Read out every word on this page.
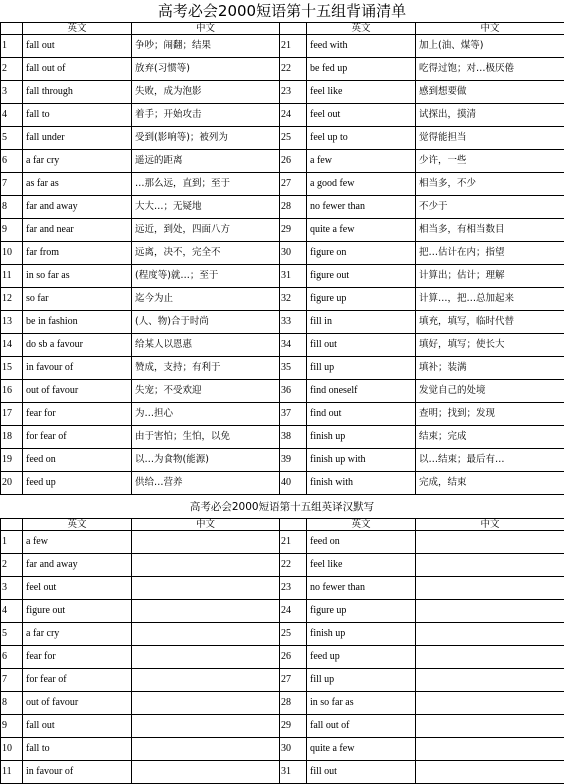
高考必会2000短语第十五组背诵清单
	英文	中文		英文	中文
1	fall out	争吵；闹翻；结果	21	feed with	加上(油、煤等)
2	fall out of	放弃(习惯等)	22	be fed up	吃得过饱；对…极厌倦
3	fall through	失败，成为泡影	23	feel like	感到想要做
4	fall to	着手；开始攻击	24	feel out	试探出，摸清
5	fall under	受到(影响等)；被列为	25	feel up to	觉得能担当
6	a far cry	遥远的距离	26	a few	少许，一些
7	as far as	…那么远，直到；至于	27	a good few	相当多，不少
8	far and away	大大…；无疑地	28	no fewer than	不少于
9	far and near	远近，到处，四面八方	29	quite a few	相当多，有相当数目
10	far from	远离，决不，完全不	30	figure on	把…估计在内；指望
11	in so far as	(程度等)就…；至于	31	figure out	计算出；估计；理解
12	so far	迄今为止	32	figure up	计算…，把…总加起来
13	be in fashion	(人、物)合于时尚	33	fill in	填充，填写，临时代替
14	do sb a favour	给某人以恩惠	34	fill out	填好，填写；使长大
15	in favour of	赞成，支持；有利于	35	fill up	填补；装满
16	out of favour	失宠；不受欢迎	36	find oneself	发觉自己的处境
17	fear for	为…担心	37	find out	查明；找到；发现
18	for fear of	由于害怕；生怕，以免	38	finish up	结束；完成
19	feed on	以…为食物(能源)	39	finish up with	以…结束；最后有…
20	feed up	供给…营养	40	finish with	完成，结束
高考必会2000短语第十五组英译汉默写
	英文	中文		英文	中文
1	a few		21	feed on	
2	far and away		22	feel like	
3	feel out		23	no fewer than	
4	figure out		24	figure up	
5	a far cry		25	finish up	
6	fear for		26	feed up	
7	for fear of		27	fill up	
8	out of favour		28	in so far as	
9	fall out		29	fall out of	
10	fall to		30	quite a few	
11	in favour of		31	fill out	
